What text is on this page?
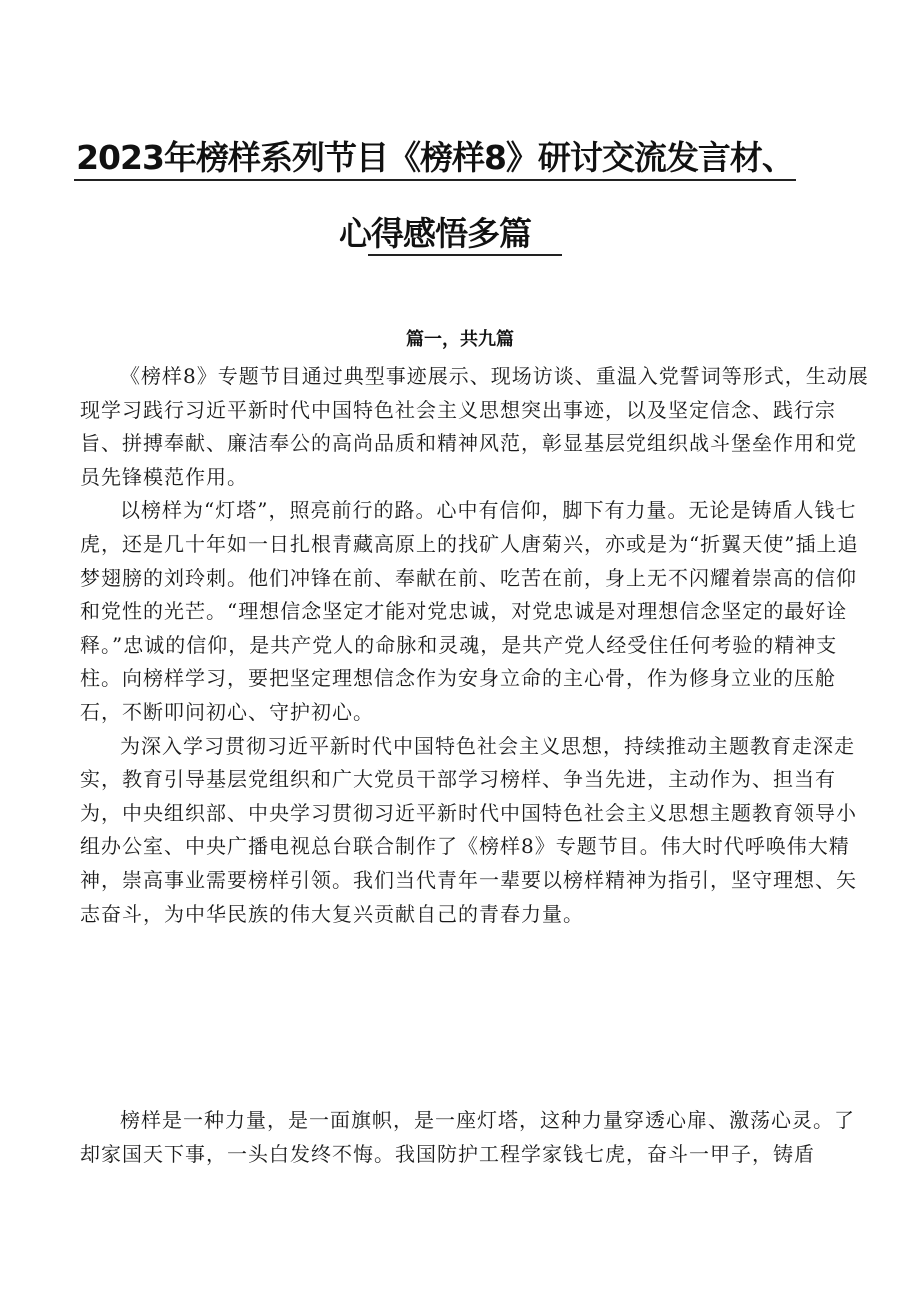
2023年榜样系列节目《榜样8》研讨交流发言材、
心得感悟多篇
篇一，共九篇

《榜样8》专题节目通过典型事迹展示、现场访谈、重温入党誓词等形式，生动展现学习践行习近平新时代中国特色社会主义思想突出事迹，以及坚定信念、践行宗旨、拼搏奉献、廉洁奉公的高尚品质和精神风范，彰显基层党组织战斗堡垒作用和党员先锋模范作用。

以榜样为“灯塔”，照亮前行的路。心中有信仰，脚下有力量。无论是铸盾人钱七虎，还是几十年如一日扎根青藏高原上的找矿人唐菊兴，亦或是为“折翼天使”插上追梦翅膀的刘玲刺。他们冲锋在前、奉献在前、吃苦在前，身上无不闪耀着崇高的信仰和党性的光芒。“理想信念坚定才能对党忠诚，对党忠诚是对理想信念坚定的最好诠释。”忠诚的信仰，是共产党人的命脉和灵魂，是共产党人经受住任何考验的精神支柱。向榜样学习，要把坚定理想信念作为安身立命的主心骨，作为修身立业的压舱石，不断叩问初心、守护初心。

为深入学习贯彻习近平新时代中国特色社会主义思想，持续推动主题教育走深走实，教育引导基层党组织和广大党员干部学习榜样、争当先进，主动作为、担当有为，中央组织部、中央学习贯彻习近平新时代中国特色社会主义思想主题教育领导小组办公室、中央广播电视总台联合制作了《榜样8》专题节目。伟大时代呼唤伟大精神，崇高事业需要榜样引领。我们当代青年一辈要以榜样精神为指引，坚守理想、矢志奋斗，为中华民族的伟大复兴贡献自己的青春力量。

榜样是一种力量，是一面旗帜，是一座灯塔，这种力量穿透心扉、激荡心灵。了却家国天下事，一头白发终不悔。我国防护工程学家钱七虎，奋斗一甲子，铸盾
